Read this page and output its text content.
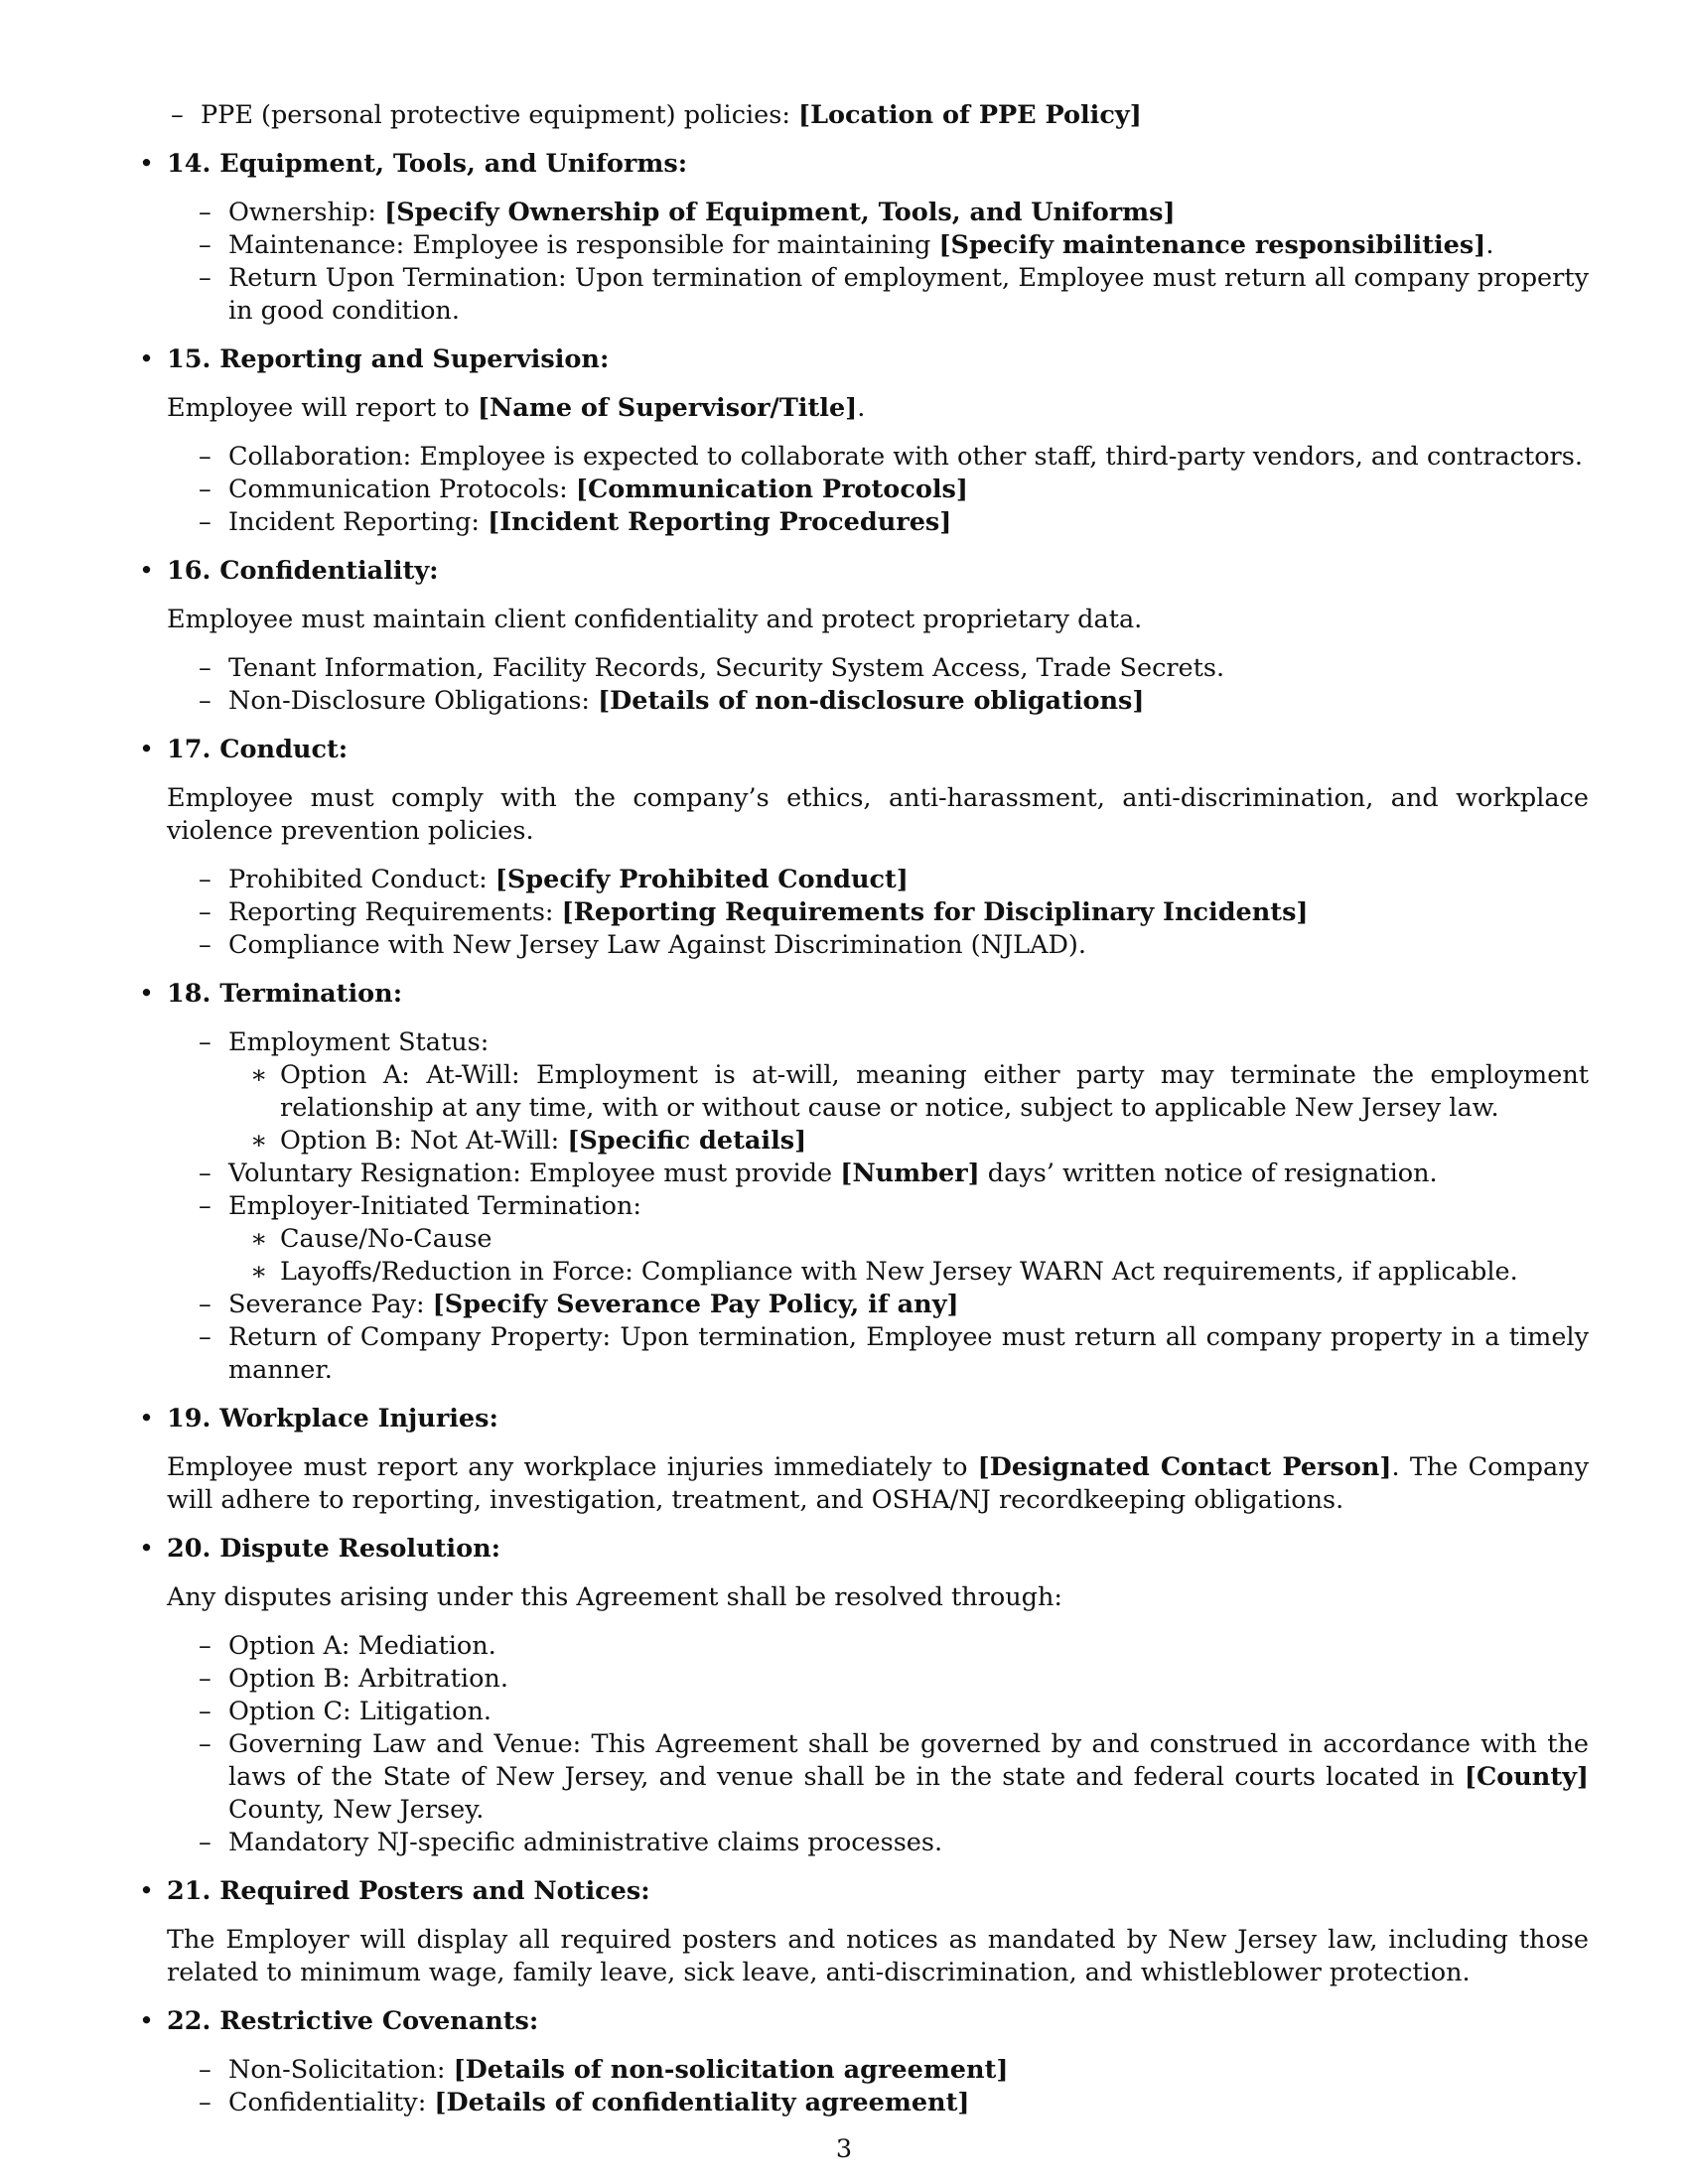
– PPE (personal protective equipment) policies: [Location of PPE Policy]
• 14. Equipment, Tools, and Uniforms:
– Ownership: [Specify Ownership of Equipment, Tools, and Uniforms]
– Maintenance: Employee is responsible for maintaining [Specify maintenance responsibilities].
– Return Upon Termination: Upon termination of employment, Employee must return all company property in good condition.
• 15. Reporting and Supervision:

Employee will report to [Name of Supervisor/Title].

– Collaboration: Employee is expected to collaborate with other staff, third-party vendors, and contractors.
– Communication Protocols: [Communication Protocols]
– Incident Reporting: [Incident Reporting Procedures]
• 16. Confidentiality:

Employee must maintain client confidentiality and protect proprietary data.

– Tenant Information, Facility Records, Security System Access, Trade Secrets.
– Non-Disclosure Obligations: [Details of non-disclosure obligations]
• 17. Conduct:

Employee must comply with the company’s ethics, anti-harassment, anti-discrimination, and workplace violence prevention policies.

– Prohibited Conduct: [Specify Prohibited Conduct]
– Reporting Requirements: [Reporting Requirements for Disciplinary Incidents]
– Compliance with New Jersey Law Against Discrimination (NJLAD).
• 18. Termination:
– Employment Status:
∗ Option A: At-Will: Employment is at-will, meaning either party may terminate the employment relationship at any time, with or without cause or notice, subject to applicable New Jersey law.
∗ Option B: Not At-Will: [Specific details]
– Voluntary Resignation: Employee must provide [Number] days’ written notice of resignation.
– Employer-Initiated Termination:
∗ Cause/No-Cause
∗ Layoffs/Reduction in Force: Compliance with New Jersey WARN Act requirements, if applicable.
– Severance Pay: [Specify Severance Pay Policy, if any]
– Return of Company Property: Upon termination, Employee must return all company property in a timely manner.
• 19. Workplace Injuries:

Employee must report any workplace injuries immediately to [Designated Contact Person]. The Company will adhere to reporting, investigation, treatment, and OSHA/NJ recordkeeping obligations.

• 20. Dispute Resolution:

Any disputes arising under this Agreement shall be resolved through:

– Option A: Mediation.
– Option B: Arbitration.
– Option C: Litigation.
– Governing Law and Venue: This Agreement shall be governed by and construed in accordance with the laws of the State of New Jersey, and venue shall be in the state and federal courts located in [County] County, New Jersey.
– Mandatory NJ-specific administrative claims processes.
• 21. Required Posters and Notices:

The Employer will display all required posters and notices as mandated by New Jersey law, including those related to minimum wage, family leave, sick leave, anti-discrimination, and whistleblower protection.

• 22. Restrictive Covenants:
– Non-Solicitation: [Details of non-solicitation agreement]
– Confidentiality: [Details of confidentiality agreement]
3
